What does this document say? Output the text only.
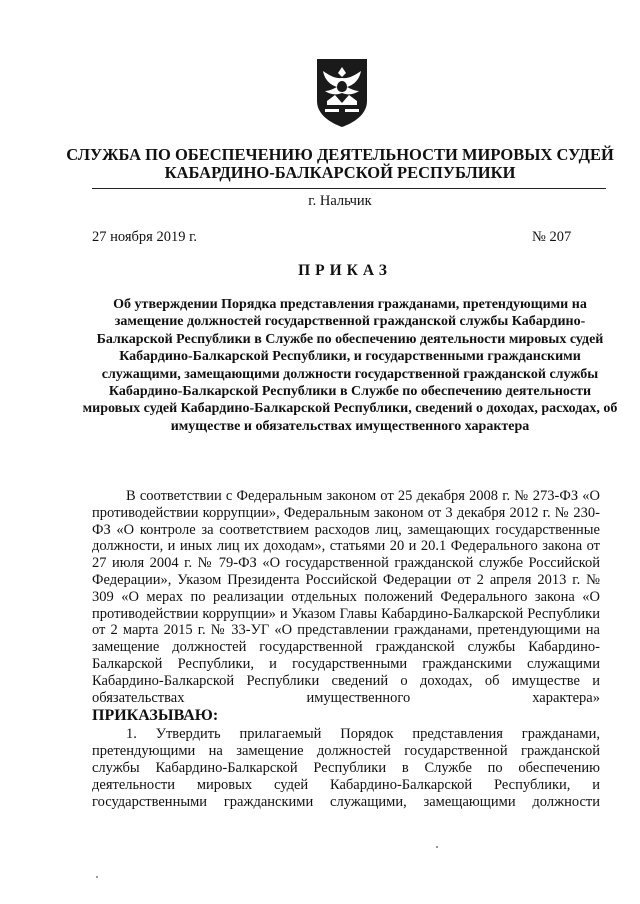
СЛУЖБА ПО ОБЕСПЕЧЕНИЮ ДЕЯТЕЛЬНОСТИ МИРОВЫХ СУДЕЙ
КАБАРДИНО-БАЛКАРСКОЙ РЕСПУБЛИКИ
г. Нальчик
27 ноября 2019 г.	№ 207
ПРИКАЗ
Об утверждении Порядка представления гражданами, претендующими на замещение должностей государственной гражданской службы Кабардино-Балкарской Республики в Службе по обеспечению деятельности мировых судей Кабардино-Балкарской Республики, и государственными гражданскими служащими, замещающими должности государственной гражданской службы Кабардино-Балкарской Республики в Службе по обеспечению деятельности мировых судей Кабардино-Балкарской Республики, сведений о доходах, расходах, об имуществе и обязательствах имущественного характера

В соответствии с Федеральным законом от 25 декабря 2008 г. № 273-ФЗ «О противодействии коррупции», Федеральным законом от 3 декабря 2012 г. № 230-ФЗ «О контроле за соответствием расходов лиц, замещающих государственные должности, и иных лиц их доходам», статьями 20 и 20.1 Федерального закона от 27 июля 2004 г. № 79-ФЗ «О государственной гражданской службе Российской Федерации», Указом Президента Российской Федерации от 2 апреля 2013 г. № 309 «О мерах по реализации отдельных положений Федерального закона «О противодействии коррупции» и Указом Главы Кабардино-Балкарской Республики от 2 марта 2015 г. № 33-УГ «О представлении гражданами, претендующими на замещение должностей государственной гражданской службы Кабардино-Балкарской Республики, и государственными гражданскими служащими Кабардино-Балкарской Республики сведений о доходах, об имуществе и обязательствах имущественного характера»

ПРИКАЗЫВАЮ:

1. Утвердить прилагаемый Порядок представления гражданами, претендующими на замещение должностей государственной гражданской службы Кабардино-Балкарской Республики в Службе по обеспечению деятельности мировых судей Кабардино-Балкарской Республики, и государственными гражданскими служащими, замещающими должности
